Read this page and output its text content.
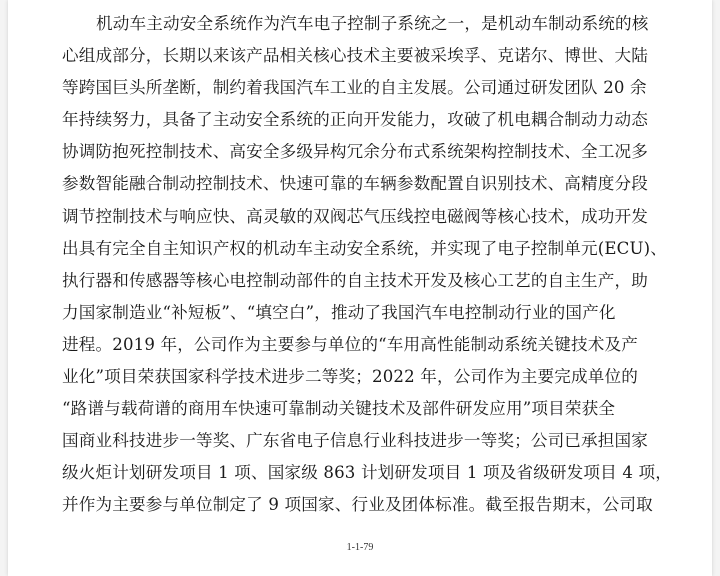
机动车主动安全系统作为汽车电子控制子系统之一，是机动车制动系统的核
心组成部分，长期以来该产品相关核心技术主要被采埃孚、克诺尔、博世、大陆
等跨国巨头所垄断，制约着我国汽车工业的自主发展。公司通过研发团队 20 余
年持续努力，具备了主动安全系统的正向开发能力，攻破了机电耦合制动力动态
协调防抱死控制技术、高安全多级异构冗余分布式系统架构控制技术、全工况多
参数智能融合制动控制技术、快速可靠的车辆参数配置自识别技术、高精度分段
调节控制技术与响应快、高灵敏的双阀芯气压线控电磁阀等核心技术，成功开发
出具有完全自主知识产权的机动车主动安全系统，并实现了电子控制单元(ECU)、
执行器和传感器等核心电控制动部件的自主技术开发及核心工艺的自主生产，助
力国家制造业“补短板”、“填空白”，推动了我国汽车电控制动行业的国产化
进程。2019 年，公司作为主要参与单位的“车用高性能制动系统关键技术及产
业化”项目荣获国家科学技术进步二等奖；2022 年，公司作为主要完成单位的
“路谱与载荷谱的商用车快速可靠制动关键技术及部件研发应用”项目荣获全
国商业科技进步一等奖、广东省电子信息行业科技进步一等奖；公司已承担国家
级火炬计划研发项目 1 项、国家级 863 计划研发项目 1 项及省级研发项目 4 项，
并作为主要参与单位制定了 9 项国家、行业及团体标准。截至报告期末，公司取
1-1-79
